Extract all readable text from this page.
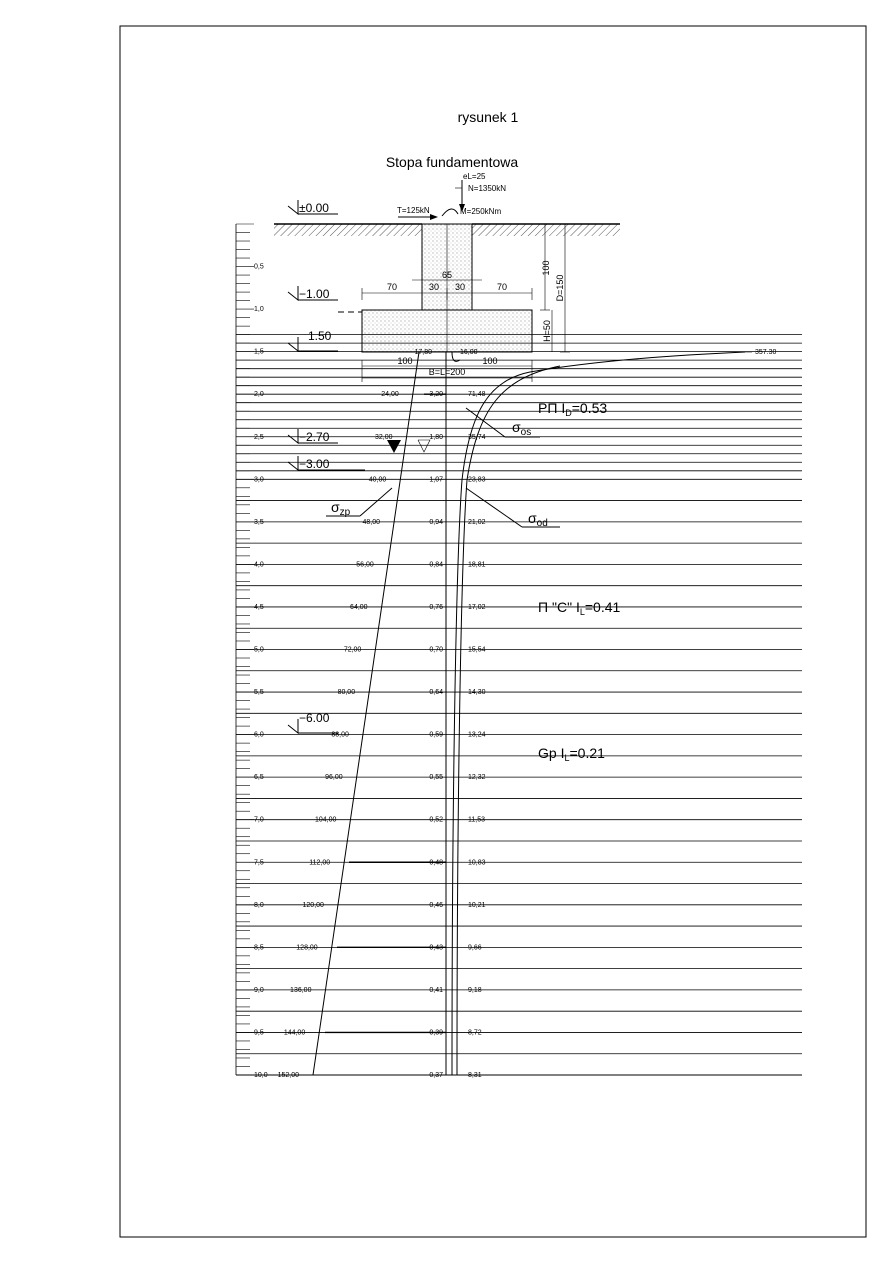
rysunek 1
Stopa fundamentowa
eL=25
N=1350kN
T=125kN	M=250kNm
65
30 30
70	70
100
D=150
H=50
100	100
B=L=200
±0.00
−1.00
1.50
−2.70
−3.00
−6.00
0,5
1,0
1,5
2,0
2,5
3,0
3,5
4,0
4,5
5,0
5,5
6,0
6,5
7,0
7,5
8,0
8,5
9,0
9,5
10,0
24,00	3,20	71,48
32,00	1,80	35,74
40,00	1,07	23,83
48,00	0,94	21,02
56,00	0,84	18,81
64,00	0,76	17,02
72,00	0,70	15,54
80,00	0,64	14,30
88,00	0,59	13,24
96,00	0,55	12,32
104,00	0,52	11,53
112,00	0,48	10,83
120,00	0,46	10,21
128,00	0,43	9,66
136,00	0,41	9,18
144,00	0,39	8,72
152,00	0,37	8,31
$\sigma_{os}$
$\sigma_{zp}$	$\sigma_{od}$
PΠ $I_D=0.53$
Π "C" $I_L=0.41$
Gp $I_L=0.21$
17,80	16,00	357.30
